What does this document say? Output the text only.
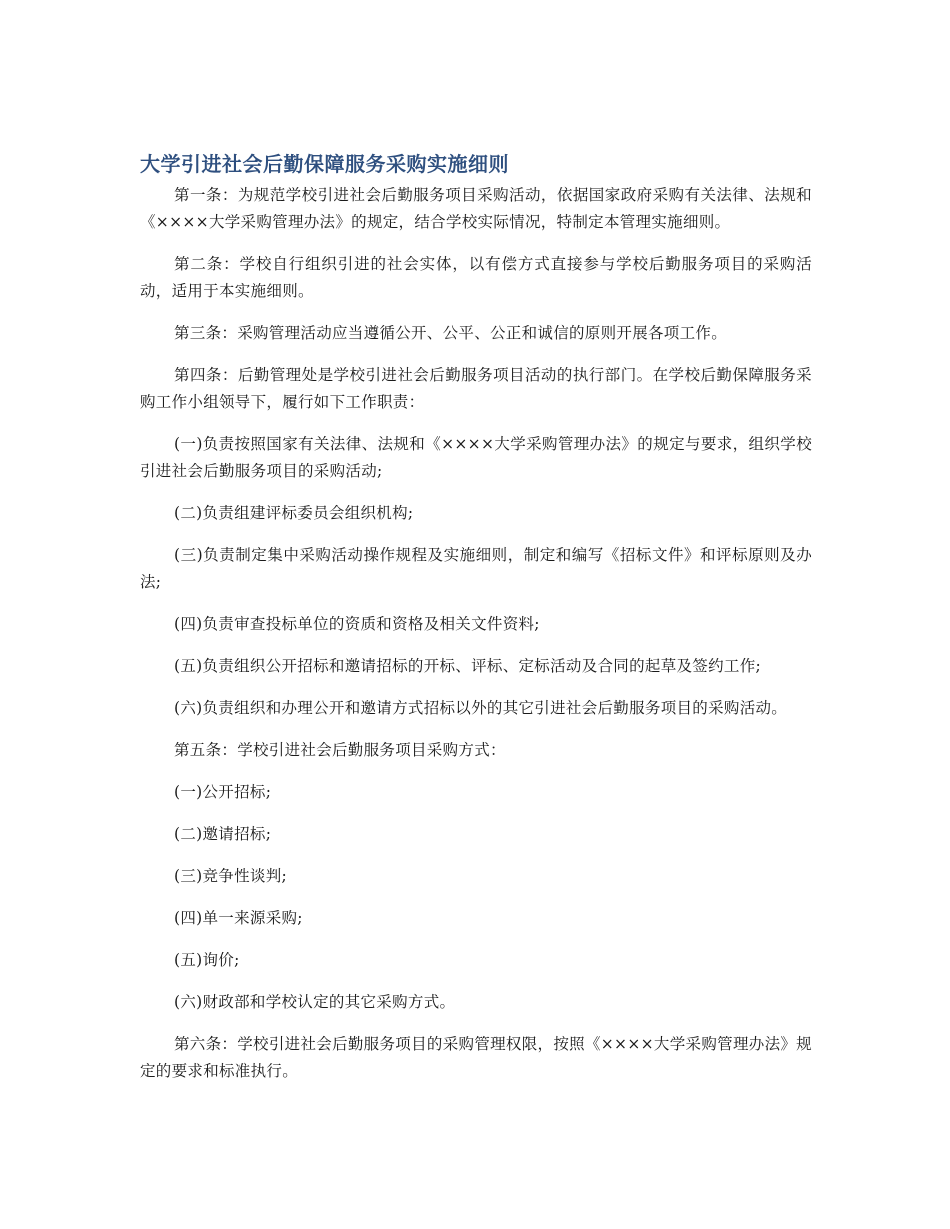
大学引进社会后勤保障服务采购实施细则

第一条：为规范学校引进社会后勤服务项目采购活动，依据国家政府采购有关法律、法规和《××××大学采购管理办法》的规定，结合学校实际情况，特制定本管理实施细则。

第二条：学校自行组织引进的社会实体，以有偿方式直接参与学校后勤服务项目的采购活动，适用于本实施细则。

第三条：采购管理活动应当遵循公开、公平、公正和诚信的原则开展各项工作。

第四条：后勤管理处是学校引进社会后勤服务项目活动的执行部门。在学校后勤保障服务采购工作小组领导下，履行如下工作职责：

(一)负责按照国家有关法律、法规和《××××大学采购管理办法》的规定与要求，组织学校引进社会后勤服务项目的采购活动;

(二)负责组建评标委员会组织机构;

(三)负责制定集中采购活动操作规程及实施细则，制定和编写《招标文件》和评标原则及办法;

(四)负责审查投标单位的资质和资格及相关文件资料;

(五)负责组织公开招标和邀请招标的开标、评标、定标活动及合同的起草及签约工作;

(六)负责组织和办理公开和邀请方式招标以外的其它引进社会后勤服务项目的采购活动。

第五条：学校引进社会后勤服务项目采购方式：

(一)公开招标;

(二)邀请招标;

(三)竞争性谈判;

(四)单一来源采购;

(五)询价;

(六)财政部和学校认定的其它采购方式。

第六条：学校引进社会后勤服务项目的采购管理权限，按照《××××大学采购管理办法》规定的要求和标准执行。
